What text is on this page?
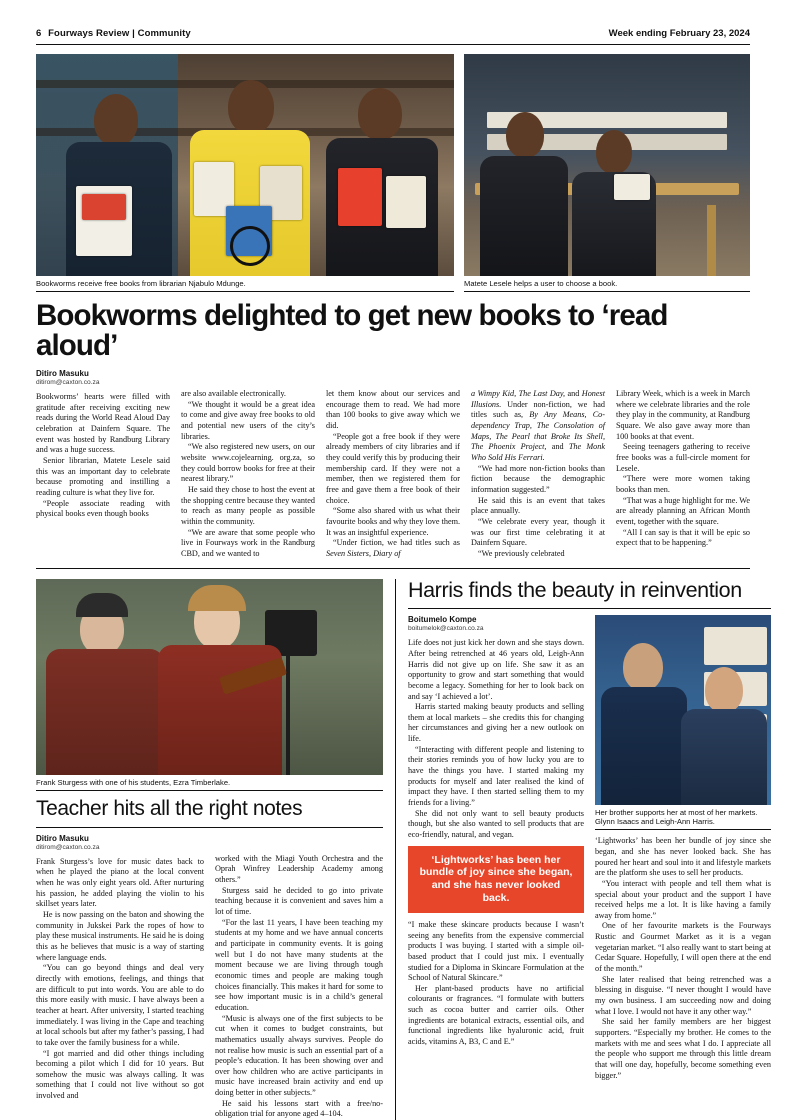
6 Fourways Review | Community	Week ending February 23, 2024
Bookworms receive free books from librarian Njabulo Mdunge.	Matete Lesele helps a user to choose a book.
Bookworms delighted to get new books to ‘read aloud’
Ditiro Masuku
ditirom@caxton.co.za

Bookworms’ hearts were filled with gratitude after receiving exciting new reads during the World Read Aloud Day celebration at Dainfern Square. The event was hosted by Randburg Library and was a huge success.

Senior librarian, Matete Lesele said this was an important day to celebrate because promoting and instilling a reading culture is what they live for.

“People associate reading with physical books even though books

are also available electronically.

“We thought it would be a great idea to come and give away free books to old and potential new users of the city’s libraries.

“We also registered new users, on our website www.cojelearning. org.za, so they could borrow books for free at their nearest library.”

He said they chose to host the event at the shopping centre because they wanted to reach as many people as possible within the community.

“We are aware that some people who live in Fourways work in the Randburg CBD, and we wanted to

let them know about our services and encourage them to read. We had more than 100 books to give away which we did.

“People got a free book if they were already members of city libraries and if they could verify this by producing their membership card. If they were not a member, then we registered them for free and gave them a free book of their choice.

“Some also shared with us what their favourite books and why they love them. It was an insightful experience.

“Under fiction, we had titles such as Seven Sisters, Diary of

a Wimpy Kid, The Last Day, and Honest Illusions. Under non-fiction, we had titles such as, By Any Means, Co-dependency Trap, The Consolation of Maps, The Pearl that Broke Its Shell, The Phoenix Project, and The Monk Who Sold His Ferrari.

“We had more non-fiction books than fiction because the demographic information suggested.”

He said this is an event that takes place annually.

“We celebrate every year, though it was our first time celebrating it at Dainfern Square.

“We previously celebrated

Library Week, which is a week in March where we celebrate libraries and the role they play in the community, at Randburg Square. We also gave away more than 100 books at that event.

Seeing teenagers gathering to receive free books was a full-circle moment for Lesele.

“There were more women taking books than men.

“That was a huge highlight for me. We are already planning an African Month event, together with the square.

“All I can say is that it will be epic so expect that to be happening.”

Frank Sturgess with one of his students, Ezra Timberlake.
Teacher hits all the right notes
Ditiro Masuku
ditirom@caxton.co.za

Frank Sturgess’s love for music dates back to when he played the piano at the local convent when he was only eight years old. After nurturing his passion, he added playing the violin to his skillset years later.

He is now passing on the baton and showing the community in Jukskei Park the ropes of how to play these musical instruments. He said he is doing this as he believes that music is a way of starting where language ends.

“You can go beyond things and deal very directly with emotions, feelings, and things that are difficult to put into words. You are able to do this more easily with music. I have always been a teacher at heart. After university, I started teaching immediately. I was living in the Cape and teaching at local schools but after my father’s passing, I had to take over the family business for a while.

“I got married and did other things including becoming a pilot which I did for 10 years. But somehow the music was always calling. It was something that I could not live without so got involved and

worked with the Miagi Youth Orchestra and the Oprah Winfrey Leadership Academy among others.”

Sturgess said he decided to go into private teaching because it is convenient and saves him a lot of time.

“For the last 11 years, I have been teaching my students at my home and we have annual concerts and participate in community events. It is going well but I do not have many students at the moment because we are living through tough economic times and people are making tough choices financially. This makes it hard for some to see how important music is in a child’s general education.

“Music is always one of the first subjects to be cut when it comes to budget constraints, but mathematics usually always survives. People do not realise how music is such an essential part of a people’s education. It has been showing over and over how children who are active participants in music have increased brain activity and end up doing better in other subjects.”

He said his lessons start with a free/no-obligation trial for anyone aged 4–104.

Harris finds the beauty in reinvention
Boitumelo Kompe
boitumelok@caxton.co.za

Life does not just kick her down and she stays down. After being retrenched at 46 years old, Leigh-Ann Harris did not give up on life. She saw it as an opportunity to grow and start something that would become a legacy. Something for her to look back on and say ‘I achieved a lot’.

Harris started making beauty products and selling them at local markets – she credits this for changing her circumstances and giving her a new outlook on life.

“Interacting with different people and listening to their stories reminds you of how lucky you are to have the things you have. I started making my products for myself and later realised the kind of impact they have. I then started selling them to my friends for a living.”

She did not only want to sell beauty products though, but she also wanted to sell products that are eco-friendly, natural, and vegan.

‘Lightworks’ has been her bundle of joy since she began, and she has never looked back.

“I make these skincare products because I wasn’t seeing any benefits from the expensive commercial products I was buying. I started with a simple oil-based product that I could just mix. I eventually studied for a Diploma in Skincare Formulation at the School of Natural Skincare.”

Her plant-based products have no artificial colourants or fragrances. “I formulate with butters such as cocoa butter and carrier oils. Other ingredients are botanical extracts, essential oils, and functional ingredients like hyaluronic acid, fruit acids, vitamins A, B3, C and E.”

Her brother supports her at most of her markets. Glynn Isaacs and Leigh-Ann Harris.

‘Lightworks’ has been her bundle of joy since she began, and she has never looked back. She has poured her heart and soul into it and lifestyle markets are the platform she uses to sell her products.

“You interact with people and tell them what is special about your product and the support I have received helps me a lot. It is like having a family away from home.”

One of her favourite markets is the Fourways Rustic and Gourmet Market as it is a vegan vegetarian market. “I also really want to start being at Cedar Square. Hopefully, I will open there at the end of the month.”

She later realised that being retrenched was a blessing in disguise. “I never thought I would have my own business. I am succeeding now and doing what I love. I would not have it any other way.”

She said her family members are her biggest supporters. “Especially my brother. He comes to the markets with me and sees what I do. I appreciate all the people who support me through this little dream that will one day, hopefully, become something even bigger.”
